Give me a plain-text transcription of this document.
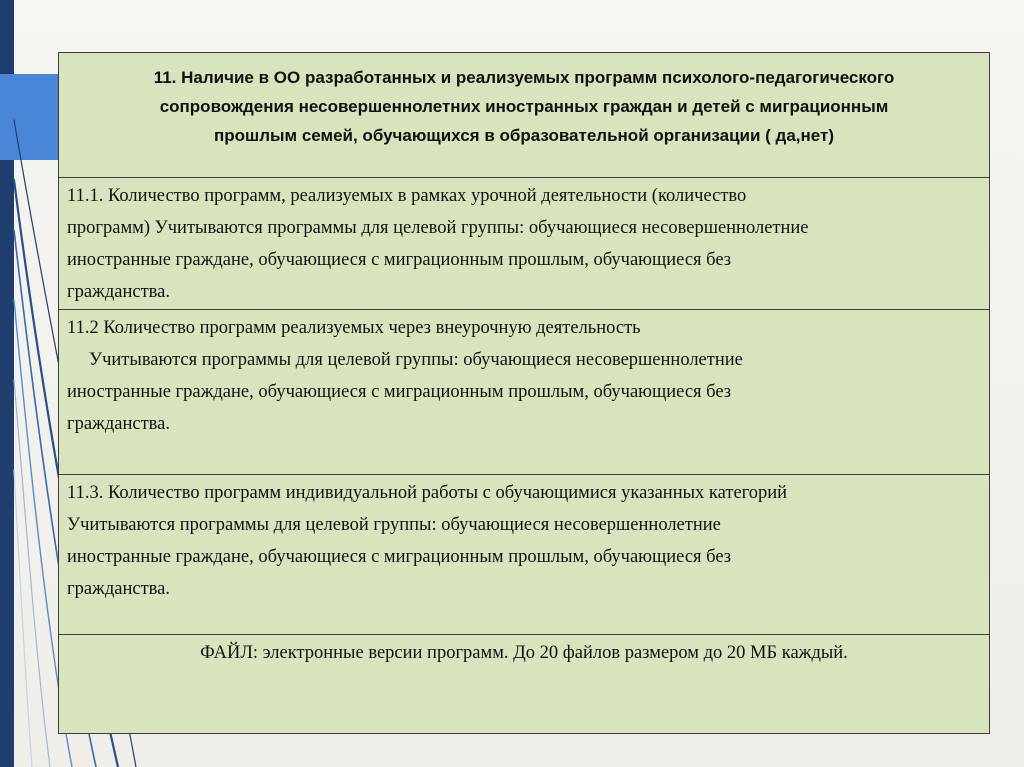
11. Наличие в ОО разработанных и реализуемых программ психолого-педагогического
сопровождения несовершеннолетних иностранных граждан и детей с миграционным
прошлым семей, обучающихся в образовательной организации ( да,нет)
11.1. Количество программ, реализуемых в рамках урочной деятельности (количество
программ) Учитываются программы для целевой группы: обучающиеся несовершеннолетние
иностранные граждане, обучающиеся с миграционным прошлым, обучающиеся без
гражданства.
11.2 Количество программ реализуемых через внеурочную деятельность
Учитываются программы для целевой группы: обучающиеся несовершеннолетние
иностранные граждане, обучающиеся с миграционным прошлым, обучающиеся без
гражданства.
11.3. Количество программ индивидуальной работы с обучающимися указанных категорий
Учитываются программы для целевой группы: обучающиеся несовершеннолетние
иностранные граждане, обучающиеся с миграционным прошлым, обучающиеся без
гражданства.
ФАЙЛ: электронные версии программ. До 20 файлов размером до 20 МБ каждый.
